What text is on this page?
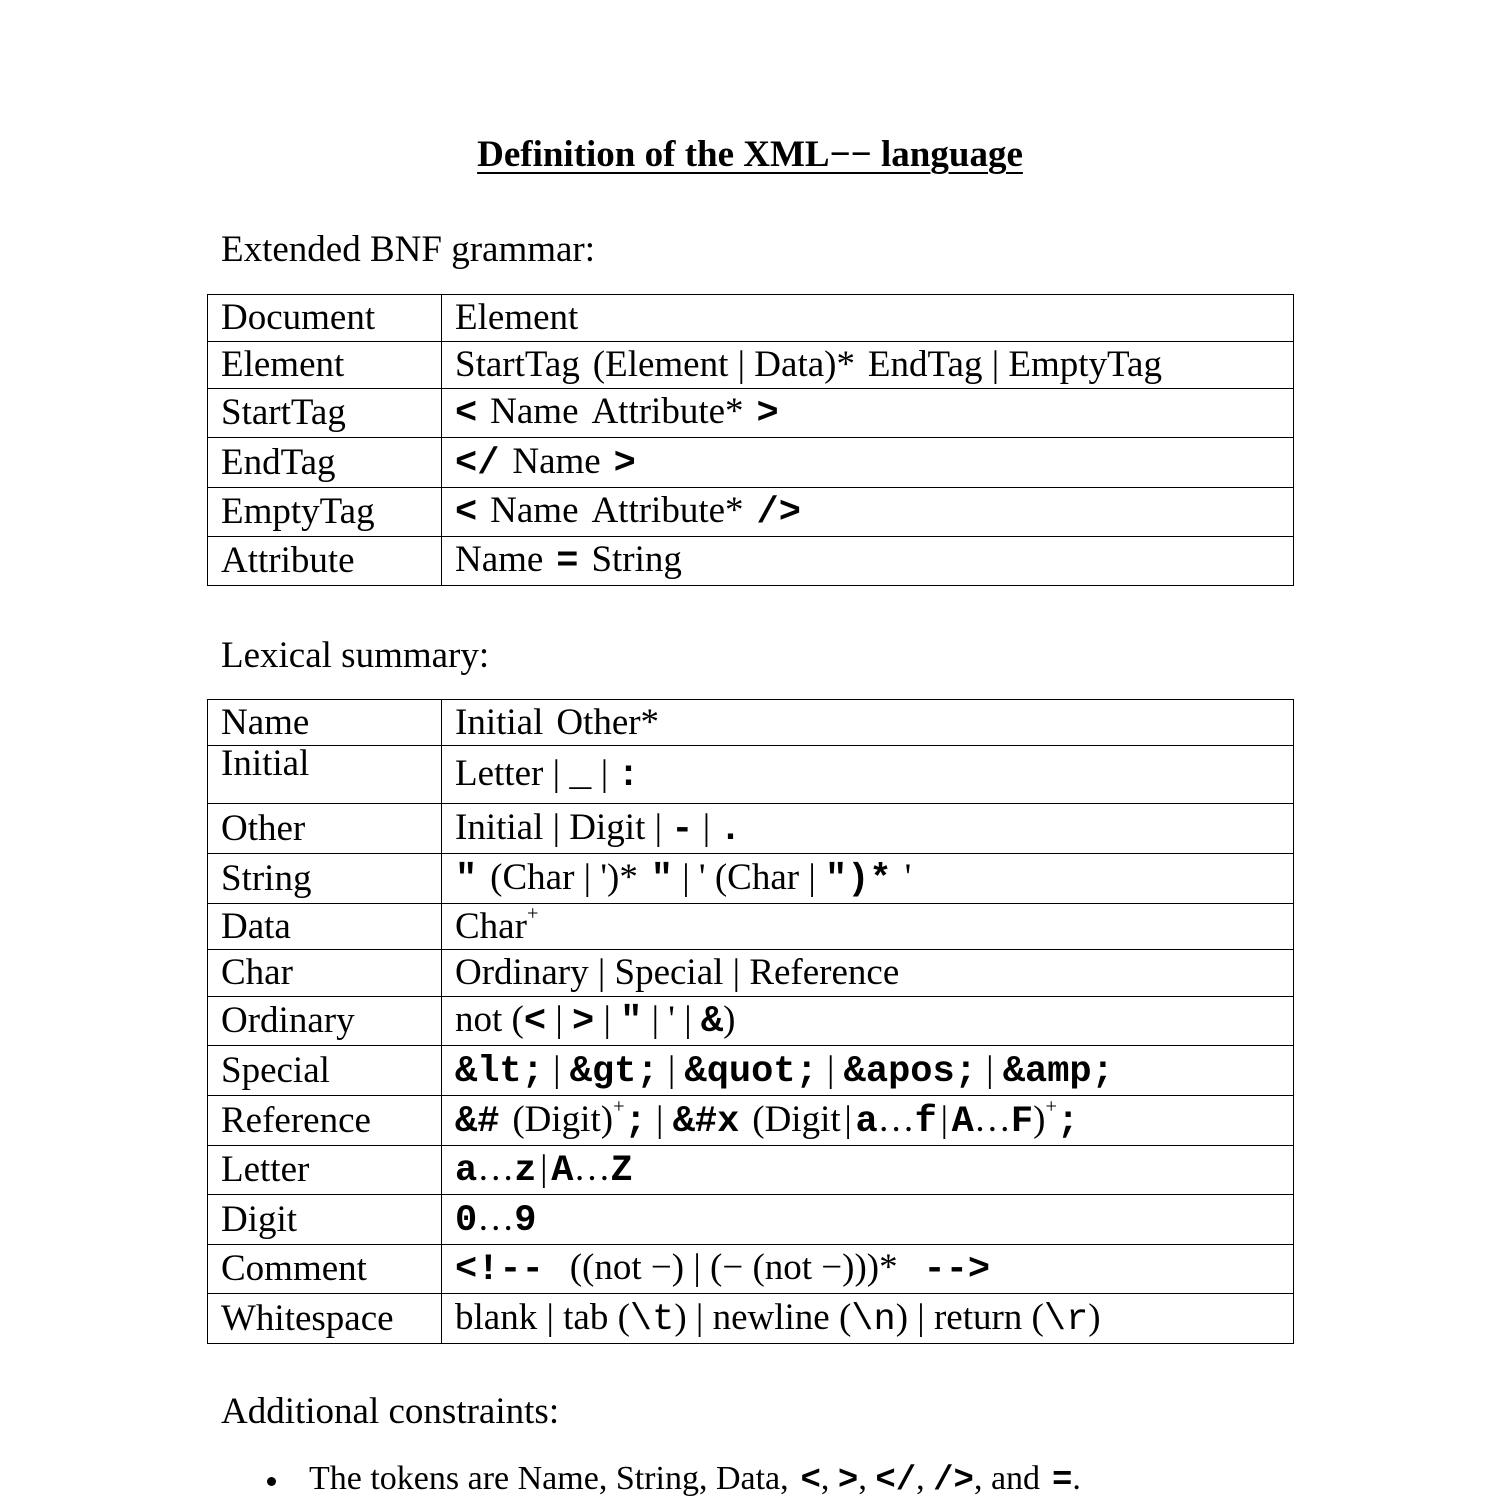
Definition of the XML−− language
Extended BNF grammar:
Document	Element
Element	StartTag (Element | Data)* EndTag | EmptyTag
StartTag	< Name Attribute* >
EndTag	</ Name >
EmptyTag	< Name Attribute* />
Attribute	Name = String
Lexical summary:
Name	Initial Other*
Initial	Letter | _ | :
Other	Initial | Digit | - | .
String	" (Char | ')* " | ' (Char | ")* '
Data	Char+
Char	Ordinary | Special | Reference
Ordinary	not (< | > | " | ' | &)
Special	&lt; | &gt; | &quot; | &apos; | &amp;
Reference	&# (Digit)+; | &#x (Digit|a…f|A…F)+;
Letter	a…z|A…Z
Digit	0…9
Comment	<!-- ((not −) | (− (not −)))* -->
Whitespace	blank | tab (\t) | newline (\n) | return (\r)
Additional constraints:
The tokens are Name, String, Data, <, >, </, />, and =.
